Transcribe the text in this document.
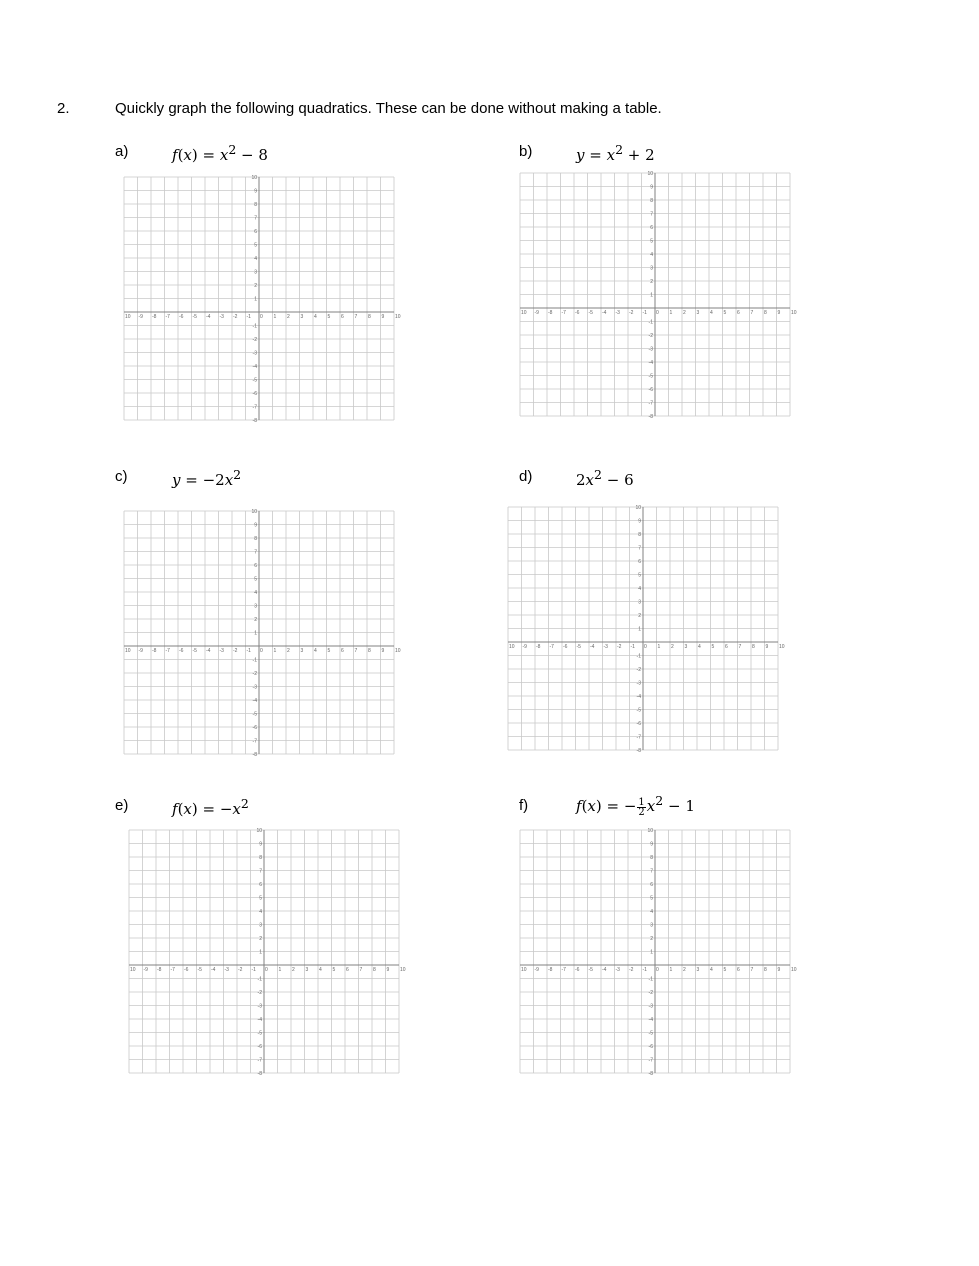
2.	Quickly graph the following quadratics. These can be done without making a table.
a)	$f(x) = x^2 - 8$
10 -9 -8 -7 -6 -5 -4 -3 -2 -1 0 1 2 3 4 5 6 7 8 9 10
10
9
8
7
6
5
4
3
2
1
-1
-2
-3
-4
-5
-6
-7
-8
b)	$y = x^2 + 2$
10 -9 -8 -7 -6 -5 -4 -3 -2 -1 0 1 2 3 4 5 6 7 8 9 10
10
9
8
7
6
5
4
3
2
1
-1
-2
-3
-4
-5
-6
-7
-8
c)	$y = -2x^2$
10 -9 -8 -7 -6 -5 -4 -3 -2 -1 0 1 2 3 4 5 6 7 8 9 10
10
9
8
7
6
5
4
3
2
1
-1
-2
-3
-4
-5
-6
-7
-8
d)	$2x^2 - 6$
10 -9 -8 -7 -6 -5 -4 -3 -2 -1 0 1 2 3 4 5 6 7 8 9 10
10
9
8
7
6
5
4
3
2
1
-1
-2
-3
-4
-5
-6
-7
-8
e)	$f(x) = -x^2$
10 -9 -8 -7 -6 -5 -4 -3 -2 -1 0 1 2 3 4 5 6 7 8 9 10
10
9
8
7
6
5
4
3
2
1
-1
-2
-3
-4
-5
-6
-7
-8
f)	f(x) = − $\frac{1}{2} x^2 - 1$
10 -9 -8 -7 -6 -5 -4 -3 -2 -1 0 1 2 3 4 5 6 7 8 9 10
10
9
8
7
6
5
4
3
2
1
-1
-2
-3
-4
-5
-6
-7
-8
